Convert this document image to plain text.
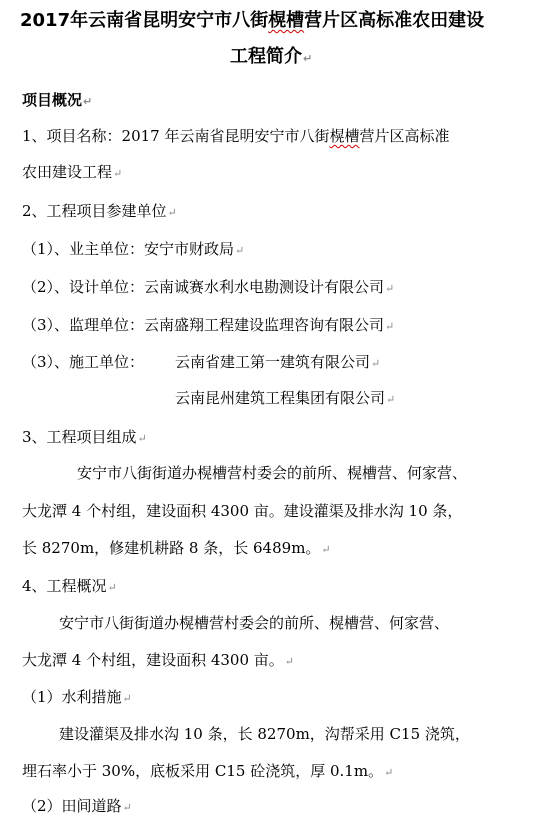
2017年云南省昆明安宁市八街榥槽营片区高标准农田建设
工程简介↵
项目概况↵
1、项目名称：2017 年云南省昆明安宁市八街榥槽营片区高标准
农田建设工程↵
2、工程项目参建单位↵
（1）、业主单位：安宁市财政局↵
（2）、设计单位：云南诚赛水利水电勘测设计有限公司↵
（3）、监理单位：云南盛翔工程建设监理咨询有限公司↵
（3）、施工单位： 云南省建工第一建筑有限公司↵
云南昆州建筑工程集团有限公司↵
3、工程项目组成↵
安宁市八街街道办榥槽营村委会的前所、榥槽营、何家营、
大龙潭 4 个村组，建设面积 4300 亩。建设灌渠及排水沟 10 条，
长 8270m，修建机耕路 8 条，长 6489m。↵
4、工程概况↵
安宁市八街街道办榥槽营村委会的前所、榥槽营、何家营、
大龙潭 4 个村组，建设面积 4300 亩。↵
（1）水利措施↵
建设灌渠及排水沟 10 条，长 8270m，沟帮采用 C15 浇筑，
埋石率小于 30%，底板采用 C15 砼浇筑，厚 0.1m。↵
（2）田间道路↵
